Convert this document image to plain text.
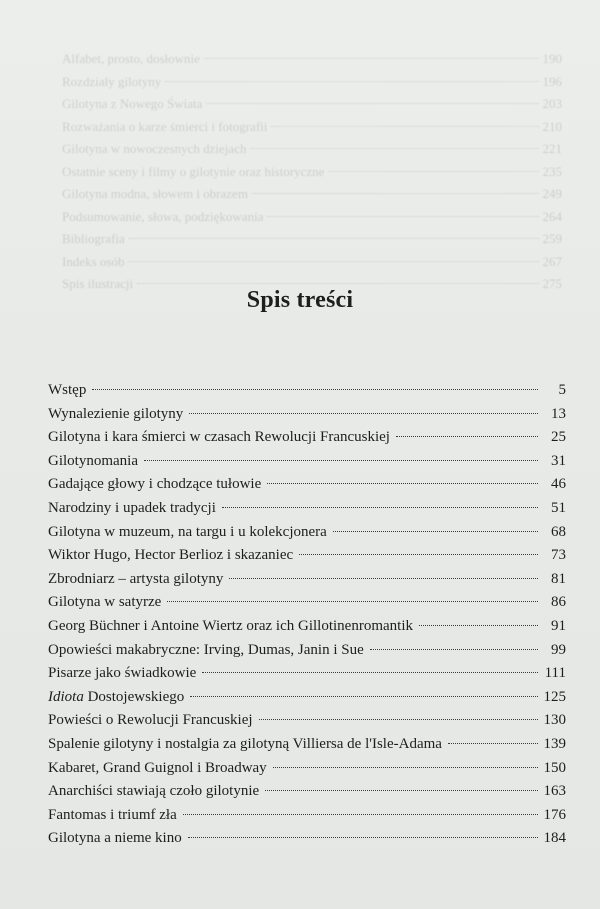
Alfabet, prosto, dosłownie	190
Rozdziały gilotyny	196
Gilotyna z Nowego Świata	203
Rozważania o karze śmierci i fotografii	210
Gilotyna w nowoczesnych dziejach	221
Ostatnie sceny i filmy o gilotynie oraz historyczne	235
Gilotyna modna, słowem i obrazem	249
Podsumowanie, słowa, podziękowania	264
Bibliografia	259
Indeks osób	267
Spis ilustracji	275
Spis treści
Wstęp	5
Wynalezienie gilotyny	13
Gilotyna i kara śmierci w czasach Rewolucji Francuskiej	25
Gilotynomania	31
Gadające głowy i chodzące tułowie	46
Narodziny i upadek tradycji	51
Gilotyna w muzeum, na targu i u kolekcjonera	68
Wiktor Hugo, Hector Berlioz i skazaniec	73
Zbrodniarz – artysta gilotyny	81
Gilotyna w satyrze	86
Georg Büchner i Antoine Wiertz oraz ich Gillotinenromantik	91
Opowieści makabryczne: Irving, Dumas, Janin i Sue	99
Pisarze jako świadkowie	111
Idiota Dostojewskiego	125
Powieści o Rewolucji Francuskiej	130
Spalenie gilotyny i nostalgia za gilotyną Villiersa de l'Isle-Adama	139
Kabaret, Grand Guignol i Broadway	150
Anarchiści stawiają czoło gilotynie	163
Fantomas i triumf zła	176
Gilotyna a nieme kino	184
